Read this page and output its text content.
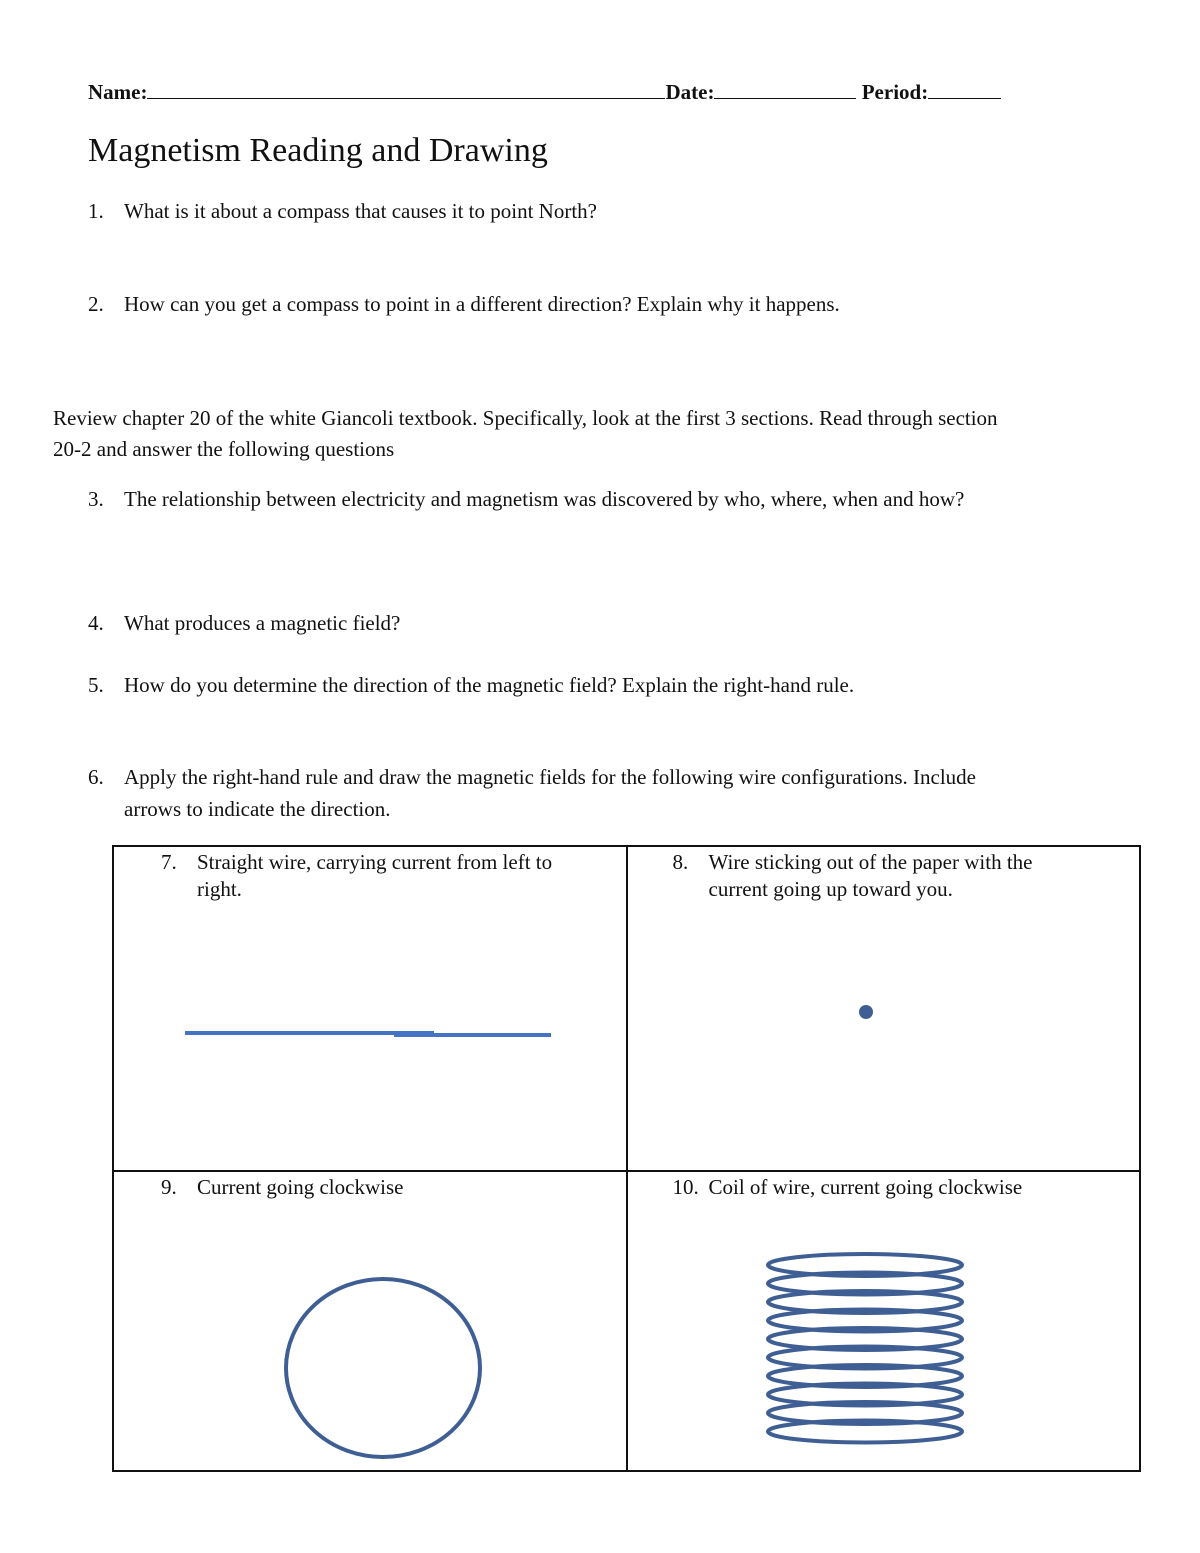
Name:	Date:	Period:
Magnetism Reading and Drawing
1. What is it about a compass that causes it to point North?
2. How can you get a compass to point in a different direction? Explain why it happens.
Review chapter 20 of the white Giancoli textbook. Specifically, look at the first 3 sections. Read through section
20-2 and answer the following questions
3. The relationship between electricity and magnetism was discovered by who, where, when and how?
4. What produces a magnetic field?
5. How do you determine the direction of the magnetic field? Explain the right-hand rule.
6. Apply the right-hand rule and draw the magnetic fields for the following wire configurations. Include
arrows to indicate the direction.
7. Straight wire, carrying current from left to
right.	8. Wire sticking out of the paper with the
current going up toward you.

9. Current going clockwise	10. Coil of wire, current going clockwise
